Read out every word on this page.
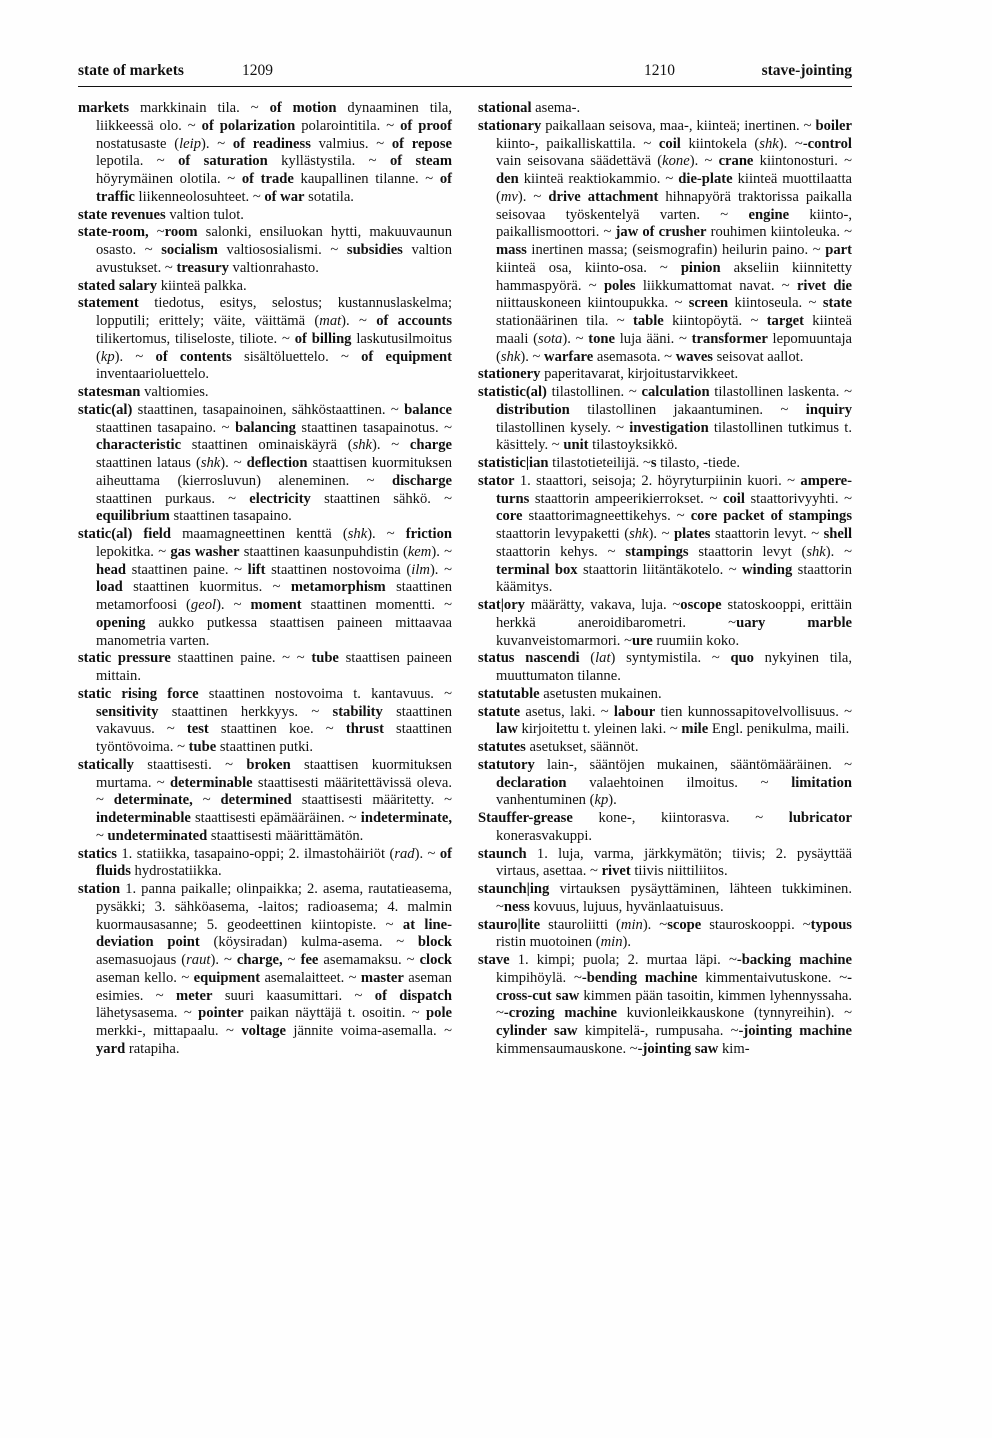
state of markets	1209	1210	stave-jointing

markets markkinain tila. ~ of motion dynaaminen tila, liikkeessä olo. ~ of polarization polarointitila. ~ of proof nostatusaste (leip). ~ of readiness valmius. ~ of repose lepotila. ~ of saturation kyllästystila. ~ of steam höyrymäinen olotila. ~ of trade kaupallinen tilanne. ~ of traffic liikenneolosuhteet. ~ of war sotatila.

state revenues valtion tulot.

state-room, ~room salonki, ensiluokan hytti, makuuvaunun osasto. ~ socialism valtiososialismi. ~ subsidies valtion avustukset. ~ treasury valtionrahasto.

stated salary kiinteä palkka.

statement tiedotus, esitys, selostus; kustannuslaskelma; lopputili; erittely; väite, väittämä (mat). ~ of accounts tilikertomus, tiliseloste, tiliote. ~ of billing laskutusilmoitus (kp). ~ of contents sisältöluettelo. ~ of equipment inventaarioluettelo.

statesman valtiomies.

static(al) staattinen, tasapainoinen, sähköstaattinen. ~ balance staattinen tasapaino. ~ balancing staattinen tasapainotus. ~ characteristic staattinen ominaiskäyrä (shk). ~ charge staattinen lataus (shk). ~ deflection staattisen kuormituksen aiheuttama (kierrosluvun) aleneminen. ~ discharge staattinen purkaus. ~ electricity staattinen sähkö. ~ equilibrium staattinen tasapaino.

static(al) field maamagneettinen kenttä (shk). ~ friction lepokitka. ~ gas washer staattinen kaasunpuhdistin (kem). ~ head staattinen paine. ~ lift staattinen nostovoima (ilm). ~ load staattinen kuormitus. ~ metamorphism staattinen metamorfoosi (geol). ~ moment staattinen momentti. ~ opening aukko putkessa staattisen paineen mittaavaa manometria varten.

static pressure staattinen paine. ~ ~ tube staattisen paineen mittain.

static rising force staattinen nostovoima t. kantavuus. ~ sensitivity staattinen herkkyys. ~ stability staattinen vakavuus. ~ test staattinen koe. ~ thrust staattinen työntövoima. ~ tube staattinen putki.

statically staattisesti. ~ broken staattisen kuormituksen murtama. ~ determinable staattisesti määritettävissä oleva. ~ determinate, ~ determined staattisesti määritetty. ~ indeterminable staattisesti epämääräinen. ~ indeterminate, ~ undeterminated staattisesti määrittämätön.

statics 1. statiikka, tasapaino-oppi; 2. ilmastohäiriöt (rad). ~ of fluids hydrostatiikka.

station 1. panna paikalle; olinpaikka; 2. asema, rautatieasema, pysäkki; 3. sähköasema, -laitos; radioasema; 4. malmin kuormausasanne; 5. geodeettinen kiintopiste. ~ at line-deviation point (köysiradan) kulma-asema. ~ block asemasuojaus (raut). ~ charge, ~ fee asemamaksu. ~ clock aseman kello. ~ equipment asemalaitteet. ~ master aseman esimies. ~ meter suuri kaasumittari. ~ of dispatch lähetysasema. ~ pointer paikan näyttäjä t. osoitin. ~ pole merkki-, mittapaalu. ~ voltage jännite voima-asemalla. ~ yard ratapiha.

stational asema-.

stationary paikallaan seisova, maa-, kiinteä; inertinen. ~ boiler kiinto-, paikalliskattila. ~ coil kiintokela (shk). ~-control vain seisovana säädettävä (kone). ~ crane kiintonosturi. ~ den kiinteä reaktiokammio. ~ die-plate kiinteä muottilaatta (mv). ~ drive attachment hihnapyörä traktorissa paikalla seisovaa työskentelyä varten. ~ engine kiinto-, paikallismoottori. ~ jaw of crusher rouhimen kiintoleuka. ~ mass inertinen massa; (seismografin) heilurin paino. ~ part kiinteä osa, kiinto-osa. ~ pinion akseliin kiinnitetty hammaspyörä. ~ poles liikkumattomat navat. ~ rivet die niittauskoneen kiintoupukka. ~ screen kiintoseula. ~ state stationäärinen tila. ~ table kiintopöytä. ~ target kiinteä maali (sota). ~ tone luja ääni. ~ transformer lepomuuntaja (shk). ~ warfare asemasota. ~ waves seisovat aallot.

stationery paperitavarat, kirjoitustarvikkeet.

statistic(al) tilastollinen. ~ calculation tilastollinen laskenta. ~ distribution tilastollinen jakaantuminen. ~ inquiry tilastollinen kysely. ~ investigation tilastollinen tutkimus t. käsittely. ~ unit tilastoyksikkö.

statistic|ian tilastotieteilijä. ~s tilasto, -tiede.

stator 1. staattori, seisoja; 2. höyryturpiinin kuori. ~ ampere-turns staattorin ampeerikierrokset. ~ coil staattorivyyhti. ~ core staattorimagneettikehys. ~ core packet of stampings staattorin levypaketti (shk). ~ plates staattorin levyt. ~ shell staattorin kehys. ~ stampings staattorin levyt (shk). ~ terminal box staattorin liitäntäkotelo. ~ winding staattorin käämitys.

stat|ory määrätty, vakava, luja. ~oscope statoskooppi, erittäin herkkä aneroidibarometri. ~uary marble kuvanveistomarmori. ~ure ruumiin koko.

status nascendi (lat) syntymistila. ~ quo nykyinen tila, muuttumaton tilanne.

statutable asetusten mukainen.

statute asetus, laki. ~ labour tien kunnossapitovelvollisuus. ~ law kirjoitettu t. yleinen laki. ~ mile Engl. penikulma, maili.

statutes asetukset, säännöt.

statutory lain-, sääntöjen mukainen, sääntömääräinen. ~ declaration valaehtoinen ilmoitus. ~ limitation vanhentuminen (kp).

Stauffer-grease kone-, kiintorasva. ~ lubricator konerasvakuppi.

staunch 1. luja, varma, järkkymätön; tiivis; 2. pysäyttää virtaus, asettaa. ~ rivet tiivis niittiliitos.

staunch|ing virtauksen pysäyttäminen, lähteen tukkiminen. ~ness kovuus, lujuus, hyvänlaatuisuus.

stauro|lite stauroliitti (min). ~scope stauroskooppi. ~typous ristin muotoinen (min).

stave 1. kimpi; puola; 2. murtaa läpi. ~-backing machine kimpihöylä. ~-bending machine kimmentaivutuskone. ~-cross-cut saw kimmen pään tasoitin, kimmen lyhennyssaha. ~-crozing machine kuvionleikkauskone (tynnyreihin). ~ cylinder saw kimpitelä-, rumpusaha. ~-jointing machine kimmensaumauskone. ~-jointing saw kim-
